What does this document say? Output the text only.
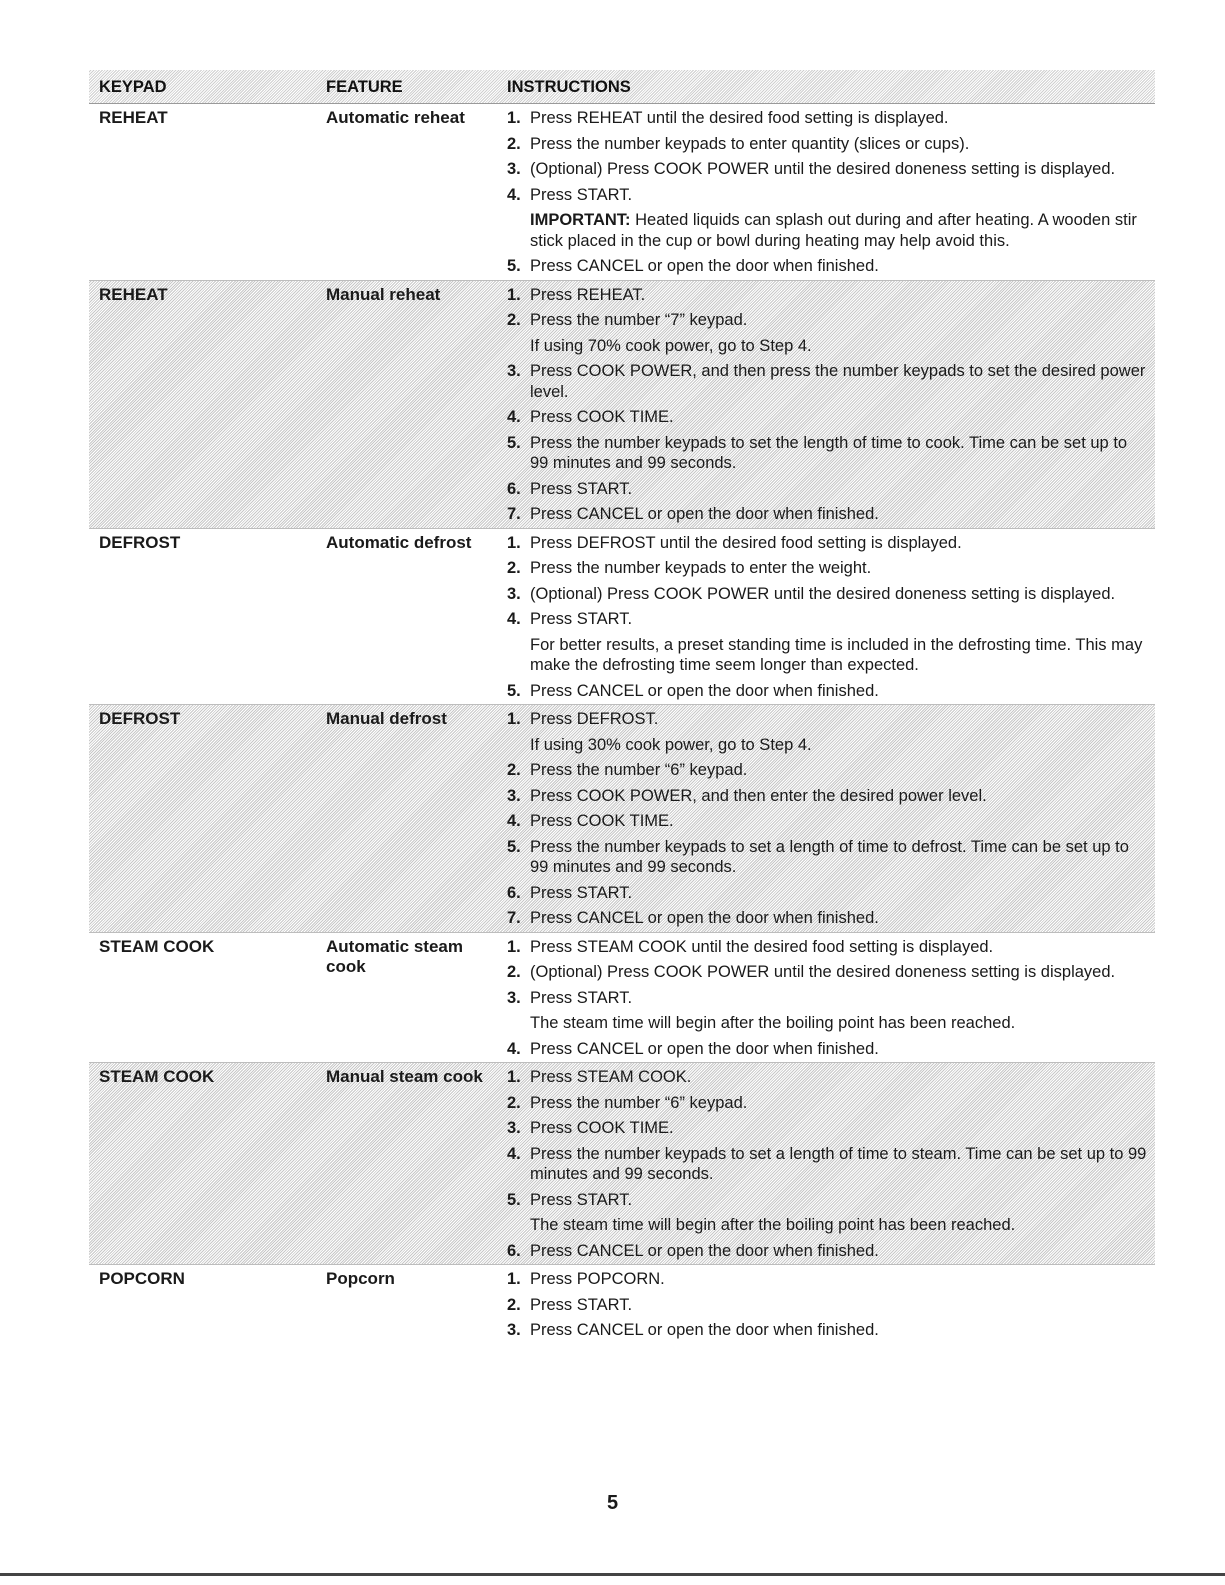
KEYPAD	FEATURE	INSTRUCTIONS
REHEAT	Automatic reheat	1. Press REHEAT until the desired food setting is displayed.
2. Press the number keypads to enter quantity (slices or cups).
3. (Optional) Press COOK POWER until the desired doneness setting is displayed.
4. Press START.
IMPORTANT: Heated liquids can splash out during and after heating. A wooden stir stick placed in the cup or bowl during heating may help avoid this.
5. Press CANCEL or open the door when finished.
REHEAT	Manual reheat	1. Press REHEAT.
2. Press the number “7” keypad.
If using 70% cook power, go to Step 4.
3. Press COOK POWER, and then press the number keypads to set the desired power level.
4. Press COOK TIME.
5. Press the number keypads to set the length of time to cook. Time can be set up to 99 minutes and 99 seconds.
6. Press START.
7. Press CANCEL or open the door when finished.
DEFROST	Automatic defrost	1. Press DEFROST until the desired food setting is displayed.
2. Press the number keypads to enter the weight.
3. (Optional) Press COOK POWER until the desired doneness setting is displayed.
4. Press START.
For better results, a preset standing time is included in the defrosting time. This may make the defrosting time seem longer than expected.
5. Press CANCEL or open the door when finished.
DEFROST	Manual defrost	1. Press DEFROST.
If using 30% cook power, go to Step 4.
2. Press the number “6” keypad.
3. Press COOK POWER, and then enter the desired power level.
4. Press COOK TIME.
5. Press the number keypads to set a length of time to defrost. Time can be set up to 99 minutes and 99 seconds.
6. Press START.
7. Press CANCEL or open the door when finished.
STEAM COOK	Automatic steam cook
1. Press STEAM COOK until the desired food setting is displayed.
2. (Optional) Press COOK POWER until the desired doneness setting is displayed.
3. Press START.
The steam time will begin after the boiling point has been reached.
4. Press CANCEL or open the door when finished.
STEAM COOK	Manual steam cook	1. Press STEAM COOK.
2. Press the number “6” keypad.
3. Press COOK TIME.
4. Press the number keypads to set a length of time to steam. Time can be set up to 99 minutes and 99 seconds.
5. Press START.
The steam time will begin after the boiling point has been reached.
6. Press CANCEL or open the door when finished.
POPCORN	Popcorn	1. Press POPCORN.
2. Press START.
3. Press CANCEL or open the door when finished.
5
